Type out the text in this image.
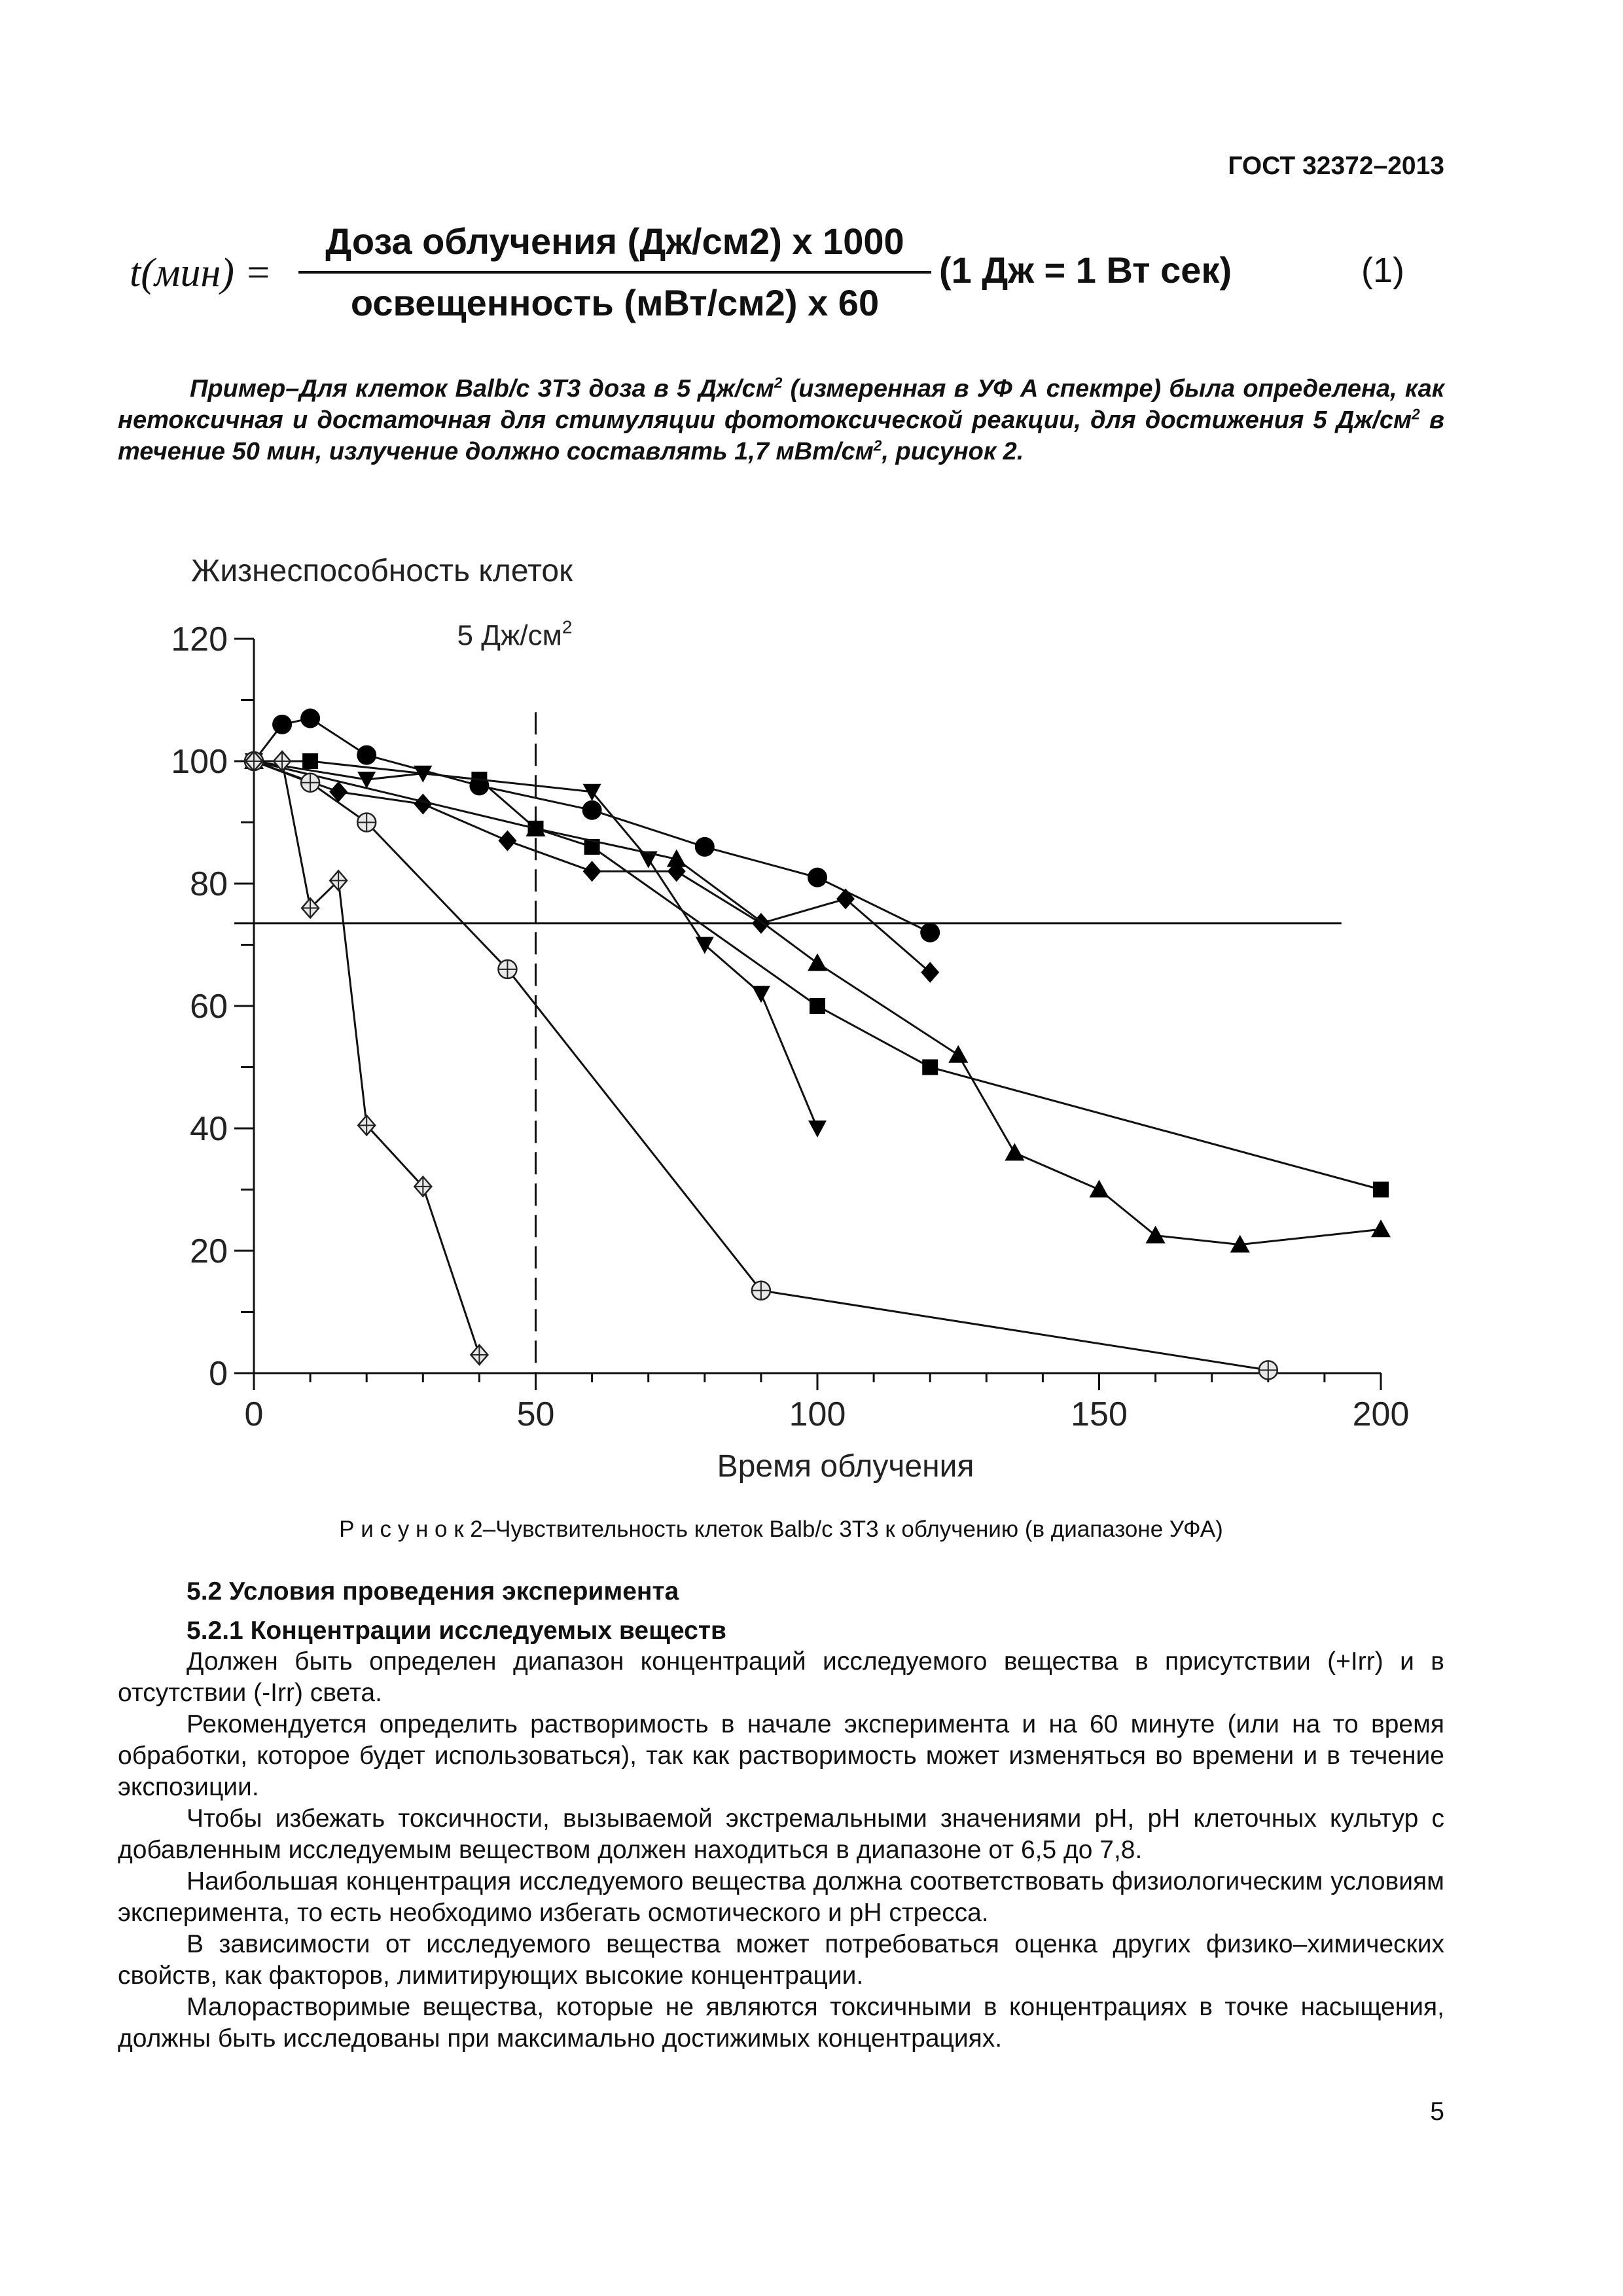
ГОСТ 32372–2013
t(мин) =
Доза облучения (Дж/см2) x 1000
освещенность (мВт/см2) x 60
(1 Дж = 1 Вт сек)	(1)

Пример–Для клеток Balb/c 3T3 доза в 5 $Дж/см^2$ (измеренная в УФ А спектре) была определена, как нетоксичная и достаточная для стимуляции фототоксической реакции, для достижения 5 $Дж/см^2$ в течение 50 мин, излучение должно составлять 1,7 мВт/$см^2$, рисунок 2.

Жизнеспособность клеток
0
20
40
60
80
100
120
0	50	100	150	200
5 $Дж/см^2$
Время облучения
Р и с у н о к 2–Чувствительность клеток Balb/c 3T3 к облучению (в диапазоне УФА)
5.2 Условия проведения эксперимента
5.2.1 Концентрации исследуемых веществ

Должен быть определен диапазон концентраций исследуемого вещества в присутствии (+Irr) и в отсутствии (-Irr) света.

Рекомендуется определить растворимость в начале эксперимента и на 60 минуте (или на то время обработки, которое будет использоваться), так как растворимость может изменяться во времени и в течение экспозиции.

Чтобы избежать токсичности, вызываемой экстремальными значениями pH, pH клеточных культур с добавленным исследуемым веществом должен находиться в диапазоне от 6,5 до 7,8.

Наибольшая концентрация исследуемого вещества должна соответствовать физиологическим условиям эксперимента, то есть необходимо избегать осмотического и pH стресса.

В зависимости от исследуемого вещества может потребоваться оценка других физико–химических свойств, как факторов, лимитирующих высокие концентрации.

Малорастворимые вещества, которые не являются токсичными в концентрациях в точке насыщения, должны быть исследованы при максимально достижимых концентрациях.

5
